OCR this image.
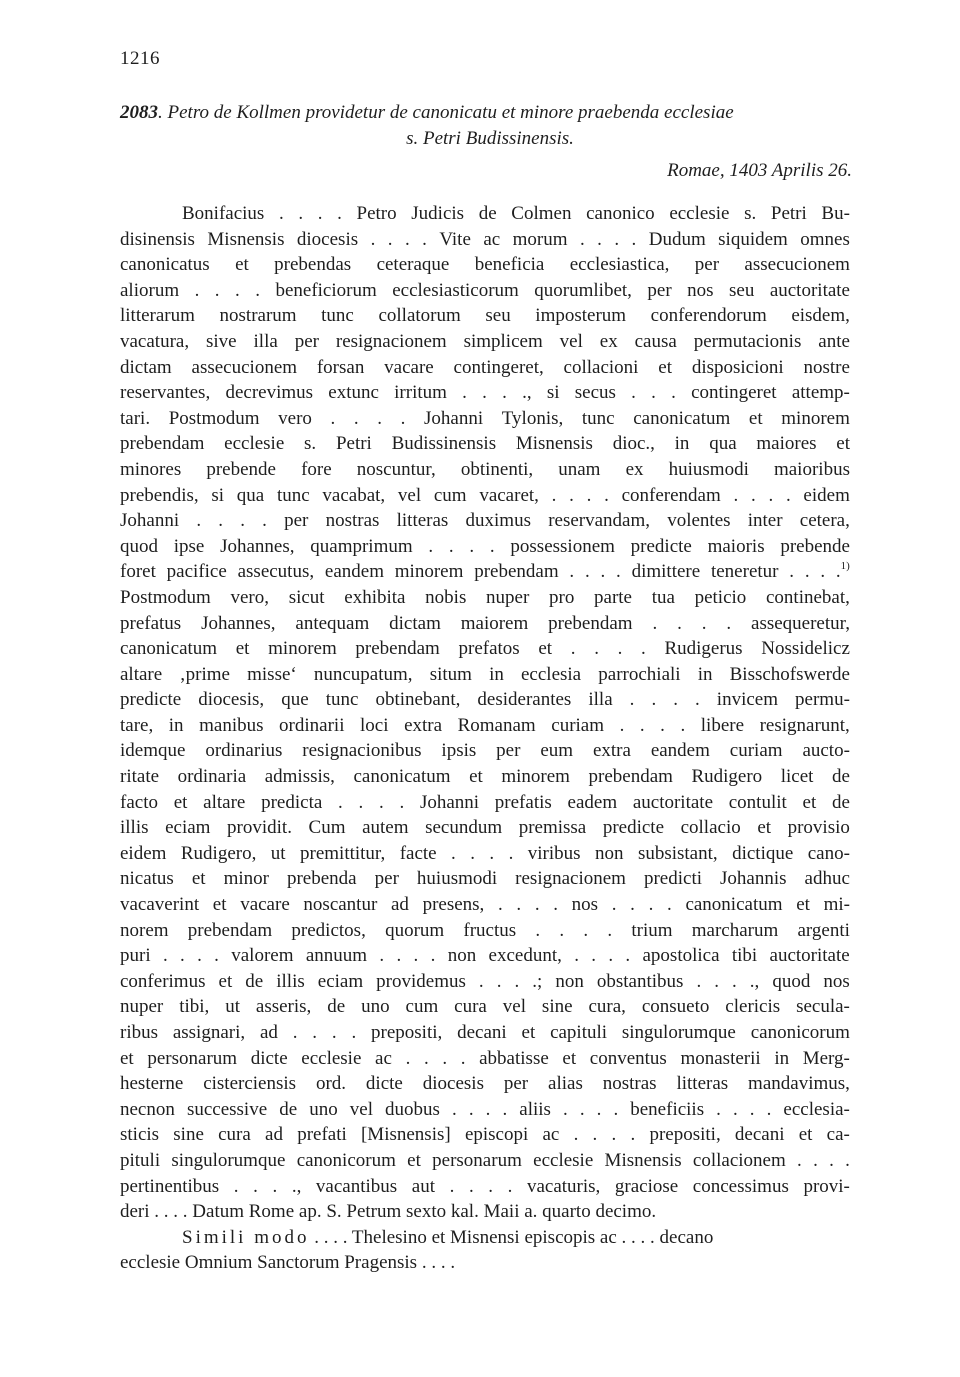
1216
2083. Petro de Kollmen providetur de canonicatu et minore praebenda ecclesiae
s. Petri Budissinensis.
Romae, 1403 Aprilis 26.
Bonifacius . . . . Petro Judicis de Colmen canonico ecclesie s. Petri Bu-
disinensis Misnensis diocesis . . . . Vite ac morum . . . . Dudum siquidem omnes
canonicatus et prebendas ceteraque beneficia ecclesiastica, per assecucionem
aliorum . . . . beneficiorum ecclesiasticorum quorumlibet, per nos seu auctoritate
litterarum nostrarum tunc collatorum seu imposterum conferendorum eisdem,
vacatura, sive illa per resignacionem simplicem vel ex causa permutacionis ante
dictam assecucionem forsan vacare contingeret, collacioni et disposicioni nostre
reservantes, decrevimus extunc irritum . . . ., si secus . . . contingeret attemp-
tari. Postmodum vero . . . . Johanni Tylonis, tunc canonicatum et minorem
prebendam ecclesie s. Petri Budissinensis Misnensis dioc., in qua maiores et
minores prebende fore noscuntur, obtinenti, unam ex huiusmodi maioribus
prebendis, si qua tunc vacabat, vel cum vacaret, . . . . conferendam . . . . eidem
Johanni . . . . per nostras litteras duximus reservandam, volentes inter cetera,
quod ipse Johannes, quamprimum . . . . possessionem predicte maioris prebende
foret pacifice assecutus, eandem minorem prebendam . . . . dimittere teneretur . . . .$^{1)}$
Postmodum vero, sicut exhibita nobis nuper pro parte tua peticio continebat,
prefatus Johannes, antequam dictam maiorem prebendam . . . . assequeretur,
canonicatum et minorem prebendam prefatos et . . . . Rudigerus Nossidelicz
altare ‚prime misse‘ nuncupatum, situm in ecclesia parrochiali in Bisschofswerde
predicte diocesis, que tunc obtinebant, desiderantes illa . . . . invicem permu-
tare, in manibus ordinarii loci extra Romanam curiam . . . . libere resignarunt,
idemque ordinarius resignacionibus ipsis per eum extra eandem curiam aucto-
ritate ordinaria admissis, canonicatum et minorem prebendam Rudigero licet de
facto et altare predicta . . . . Johanni prefatis eadem auctoritate contulit et de
illis eciam providit. Cum autem secundum premissa predicte collacio et provisio
eidem Rudigero, ut premittitur, facte . . . . viribus non subsistant, dictique cano-
nicatus et minor prebenda per huiusmodi resignacionem predicti Johannis adhuc
vacaverint et vacare noscantur ad presens, . . . . nos . . . . canonicatum et mi-
norem prebendam predictos, quorum fructus . . . . trium marcharum argenti
puri . . . . valorem annuum . . . . non excedunt, . . . . apostolica tibi auctoritate
conferimus et de illis eciam providemus . . . .; non obstantibus . . . ., quod nos
nuper tibi, ut asseris, de uno cum cura vel sine cura, consueto clericis secula-
ribus assignari, ad . . . . prepositi, decani et capituli singulorumque canonicorum
et personarum dicte ecclesie ac . . . . abbatisse et conventus monasterii in Merg-
hesterne cisterciensis ord. dicte diocesis per alias nostras litteras mandavimus,
necnon successive de uno vel duobus . . . . aliis . . . . beneficiis . . . . ecclesia-
sticis sine cura ad prefati [Misnensis] episcopi ac . . . . prepositi, decani et ca-
pituli singulorumque canonicorum et personarum ecclesie Misnensis collacionem . . . .
pertinentibus . . . ., vacantibus aut . . . . vacaturis, graciose concessimus provi-
deri . . . . Datum Rome ap. S. Petrum sexto kal. Maii a. quarto decimo.
Simili modo . . . . Thelesino et Misnensi episcopis ac . . . . decano
ecclesie Omnium Sanctorum Pragensis . . . .
